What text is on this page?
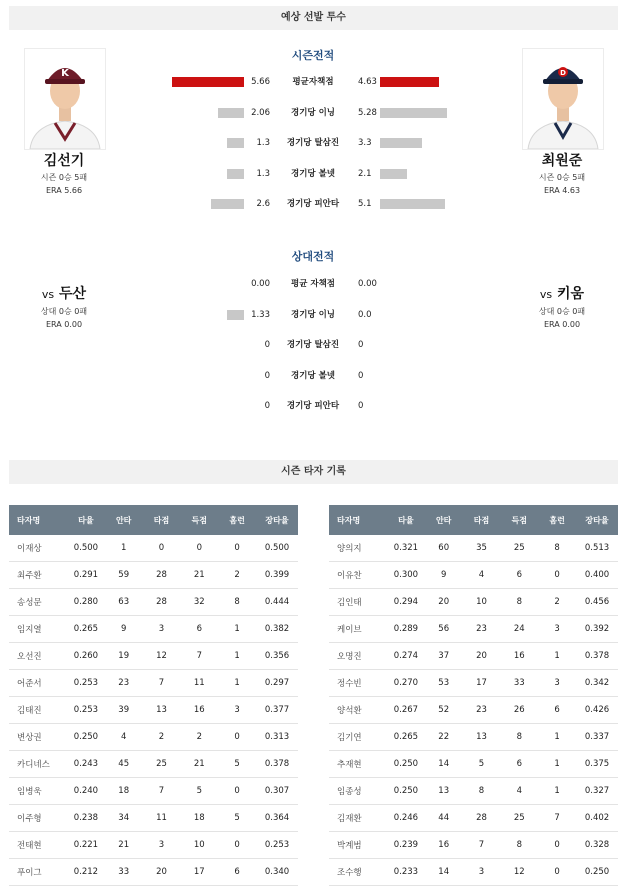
예상 선발 투수
시즌전적
K
김선기
시즌 0승 5패
ERA 5.66
D
최원준
시즌 0승 5패
ERA 4.63
5.66	평균자책점	4.63
2.06	경기당 이닝	5.28
1.3	경기당 탈삼진	3.3
1.3	경기당 볼넷	2.1
2.6	경기당 피안타	5.1
상대전적
vs 두산
상대 0승 0패
ERA 0.00
vs 키움
상대 0승 0패
ERA 0.00
0.00	평균 자책점	0.00
1.33	경기당 이닝	0.0
0	경기당 탈삼진	0
0	경기당 볼넷	0
0	경기당 피안타	0
시즌 타자 기록
타자명	타율	안타	타점	득점	홈런	장타율
이재상	0.500	1	0	0	0	0.500
최주환	0.291	59	28	21	2	0.399
송성문	0.280	63	28	32	8	0.444
임지열	0.265	9	3	6	1	0.382
오선진	0.260	19	12	7	1	0.356
어준서	0.253	23	7	11	1	0.297
김태진	0.253	39	13	16	3	0.377
변상권	0.250	4	2	2	0	0.313
카디네스	0.243	45	25	21	5	0.378
임병욱	0.240	18	7	5	0	0.307
이주형	0.238	34	11	18	5	0.364
전태현	0.221	21	3	10	0	0.253
푸이그	0.212	33	20	17	6	0.340
타자명	타율	안타	타점	득점	홈런	장타율
양의지	0.321	60	35	25	8	0.513
이유찬	0.300	9	4	6	0	0.400
김인태	0.294	20	10	8	2	0.456
케이브	0.289	56	23	24	3	0.392
오명진	0.274	37	20	16	1	0.378
정수빈	0.270	53	17	33	3	0.342
양석환	0.267	52	23	26	6	0.426
김기연	0.265	22	13	8	1	0.337
추재현	0.250	14	5	6	1	0.375
임종성	0.250	13	8	4	1	0.327
김재환	0.246	44	28	25	7	0.402
박계범	0.239	16	7	8	0	0.328
조수행	0.233	14	3	12	0	0.250
